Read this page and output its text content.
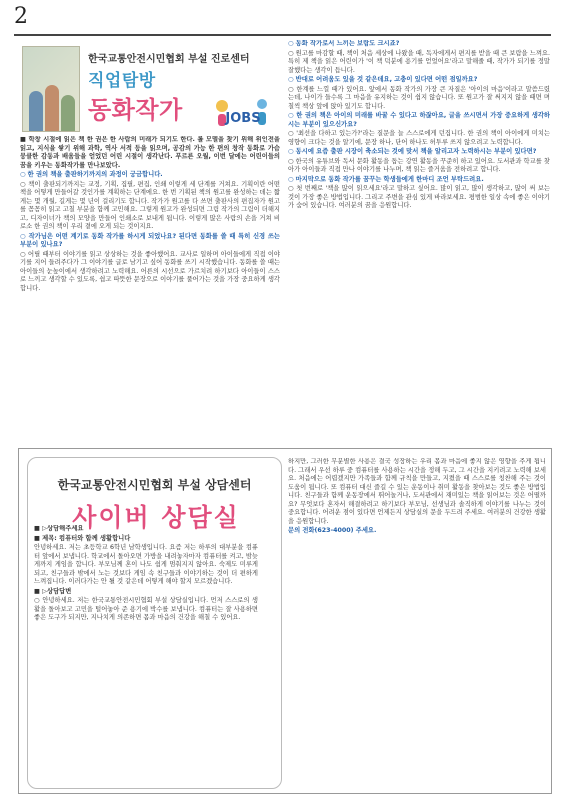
2
한국교통안전시민협회 부설 진로센터
직업탐방
동화작가	JOBS

■ 학창 시절에 읽은 책 한 권은 한 사람의 미래가 되기도 한다. 롤 모델을 찾기 위해 위인전을 읽고, 지식을 쌓기 위해 과학, 역사 서적 등을 읽으며, 공감의 가능 한 편의 창작 동화로 가슴 뭉클한 감동과 배움들을 얻었던 어린 시절이 생각난다. 푸르른 오월, 이번 달에는 어린이들의 꿈을 키우는 동화작가를 만나보았다.

○ 한 권의 책을 출판하기까지의 과정이 궁금합니다.

○ 책이 출판되기까지는 교정, 기획, 집필, 편집, 인쇄 이렇게 세 단계를 거쳐요. 기획이란 어떤 책을 어떻게 만들어갈 것인가를 계획하는 단계에요. 한 번 기획된 책의 원고를 완성하는 데는 짧게는 몇 개월, 길게는 몇 년이 걸리기도 합니다. 작가가 원고를 다 쓰면 출판사의 편집자가 원고를 꼼꼼히 읽고 고칠 부분을 함께 고민해요. 그렇게 원고가 완성되면 그림 작가의 그림이 더해지고, 디자이너가 책의 모양을 만들어 인쇄소로 보내게 됩니다. 이렇게 많은 사람의 손을 거쳐 비로소 한 권의 책이 우리 곁에 오게 되는 것이지요.

○ 작가님은 어떤 계기로 동화 작가를 하시게 되었나요? 된다면 동화를 쓸 때 특히 신경 쓰는 부분이 있나요?

○ 어릴 때부터 이야기를 읽고 상상하는 것을 좋아했어요. 교사로 일하며 아이들에게 직접 이야기를 지어 들려주다가 그 이야기를 글로 남기고 싶어 동화를 쓰기 시작했습니다. 동화를 쓸 때는 아이들의 눈높이에서 생각하려고 노력해요. 어른의 시선으로 가르치려 하기보다 아이들이 스스로 느끼고 생각할 수 있도록, 쉽고 따뜻한 문장으로 이야기를 풀어가는 것을 가장 중요하게 생각합니다.

○ 동화 작가로서 느끼는 보람도 크시죠?

○ 원고를 마감할 때, 책이 처음 세상에 나왔을 때, 독자에게서 편지를 받을 때 큰 보람을 느껴요. 특히 제 책을 읽은 어린이가 '이 책 덕분에 용기를 얻었어요'라고 말해줄 때, 작가가 되기를 정말 잘했다는 생각이 듭니다.

○ 반대로 어려움도 있을 것 같은데요, 고충이 있다면 어떤 점일까요?

○ 한계를 느낄 때가 있어요. 앞에서 동화 작가의 가장 큰 자질은 '아이의 마음'이라고 말씀드렸는데, 나이가 들수록 그 마음을 유지하는 것이 쉽지 않습니다. 또 원고가 잘 써지지 않을 때면 며칠씩 책상 앞에 앉아 있기도 합니다.

○ 한 권의 책은 아이의 미래를 바꿀 수 있다고 하잖아요, 글을 쓰시면서 가장 중요하게 생각하시는 부분이 있으신가요?

○ '최선을 다하고 있는가?'라는 질문을 늘 스스로에게 던집니다. 한 권의 책이 아이에게 미치는 영향이 크다는 것을 알기에, 문장 하나, 단어 하나도 허투루 쓰지 않으려고 노력합니다.

○ 동시에 요즘 출판 시장이 축소되는 것에 맞서 책을 알리고자 노력하시는 부분이 있다면?

○ 한국의 유튜브와 독서 문화 활동을 돕는 강연 활동을 꾸준히 하고 있어요. 도서관과 학교를 찾아가 아이들과 직접 만나 이야기를 나누며, 책 읽는 즐거움을 전하려고 합니다.

○ 마지막으로 동화 작가를 꿈꾸는 학생들에게 한마디 조언 부탁드려요.

○ 첫 번째로 '책을 많이 읽으세요'라고 말하고 싶어요. 많이 읽고, 많이 생각하고, 많이 써 보는 것이 가장 좋은 방법입니다. 그리고 주변을 관심 있게 바라보세요. 평범한 일상 속에 좋은 이야기가 숨어 있습니다. 여러분의 꿈을 응원합니다.

한국교통안전시민협회 부설 상담센터
사이버 상담실

■ ▷상담해주세요

■ 제목: 컴퓨터와 함께 생활합니다

안녕하세요. 저는 초등학교 6학년 남학생입니다. 요즘 저는 하루의 대부분을 컴퓨터 앞에서 보냅니다. 학교에서 돌아오면 가방을 내려놓자마자 컴퓨터를 켜고, 밤늦게까지 게임을 합니다. 부모님께 혼이 나도 쉽게 멈춰지지 않아요. 숙제도 미루게 되고, 친구들과 밖에서 노는 것보다 게임 속 친구들과 이야기하는 것이 더 편하게 느껴집니다. 이러다가는 안 될 것 같은데 어떻게 해야 할지 모르겠습니다.

■ ▷상담답변

○ 안녕하세요. 저는 한국교통안전시민협회 부설 상담실입니다. 먼저 스스로의 생활을 돌아보고 고민을 털어놓아 준 용기에 박수를 보냅니다. 컴퓨터는 잘 사용하면 좋은 도구가 되지만, 지나치게 의존하면 몸과 마음의 건강을 해칠 수 있어요.

하지만, 그러한 무분별한 사용은 결국 성장하는 우리 몸과 마음에 좋지 않은 영향을 주게 됩니다. 그래서 우선 하루 중 컴퓨터를 사용하는 시간을 정해 두고, 그 시간을 지키려고 노력해 보세요. 처음에는 어렵겠지만 가족들과 함께 규칙을 만들고, 지켰을 때 스스로를 칭찬해 주는 것이 도움이 됩니다. 또 컴퓨터 대신 즐길 수 있는 운동이나 취미 활동을 찾아보는 것도 좋은 방법입니다. 친구들과 함께 운동장에서 뛰어놀거나, 도서관에서 재미있는 책을 읽어보는 것은 어떨까요? 무엇보다 혼자서 해결하려고 하기보다 부모님, 선생님과 솔직하게 이야기를 나누는 것이 중요합니다. 어려운 점이 있다면 언제든지 상담실의 문을 두드려 주세요. 여러분의 건강한 생활을 응원합니다.

문의 전화(623-4000) 주세요.
